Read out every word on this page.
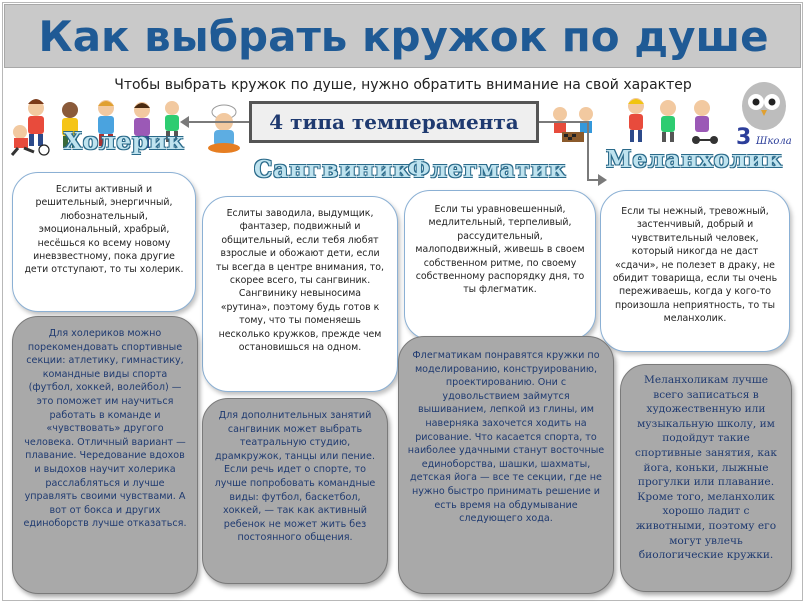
Как выбрать кружок по душе
Чтобы выбрать кружок по душе, нужно обратить внимание на свой характер
3 Школа
4 типа темперамента
Холерик
Сангвиник
Флегматик Меланхолик
Еслиты активный и решительный, энергичный, любознательный, эмоциональный, храбрый, несёшься ко всему новому иневзвестному, пока другие дети отступают, то ты холерик.
Еслиты заводила, выдумщик, фантазер, подвижный и общительный, если тебя любят взрослые и обожают дети, если ты всегда в центре внимания, то, скорее всего, ты сангвиник. Сангвинику невыносима «рутина», поэтому будь готов к тому, что ты поменяешь несколько кружков, прежде чем остановишься на одном.
Если ты уравновешенный, медлительный, терпеливый, рассудительный, малоподвижный, живешь в своем собственном ритме, по своему собственному распорядку дня, то ты флегматик.
Если ты нежный, тревожный, застенчивый, добрый и чувствительный человек, который никогда не даст «сдачи», не полезет в драку, не обидит товарища, если ты очень переживаешь, когда у кого-то произошла неприятность, то ты меланхолик.
Для холериков можно порекомендовать спортивные секции: атлетику, гимнастику, командные виды спорта (футбол, хоккей, волейбол) — это поможет им научиться работать в команде и «чувствовать» другого человека. Отличный вариант — плавание. Чередование вдохов и выдохов научит холерика расслабляться и лучше управлять своими чувствами. А вот от бокса и других единоборств лучше отказаться.
Для дополнительных занятий сангвиник может выбрать театральную студию, драмкружок, танцы или пение. Если речь идет о спорте, то лучше попробовать командные виды: футбол, баскетбол, хоккей, — так как активный ребенок не может жить без постоянного общения.
Флегматикам понравятся кружки по моделированию, конструированию, проектированию. Они с удовольствием займутся вышиванием, лепкой из глины, им наверняка захочется ходить на рисование. Что касается спорта, то наиболее удачными станут восточные единоборства, шашки, шахматы, детская йога — все те секции, где не нужно быстро принимать решение и есть время на обдумывание следующего хода.
Меланхоликам лучше всего записаться в художественную или музыкальную школу, им подойдут такие спортивные занятия, как йога, коньки, лыжные прогулки или плавание. Кроме того, меланхолик хорошо ладит с животными, поэтому его могут увлечь биологические кружки.
